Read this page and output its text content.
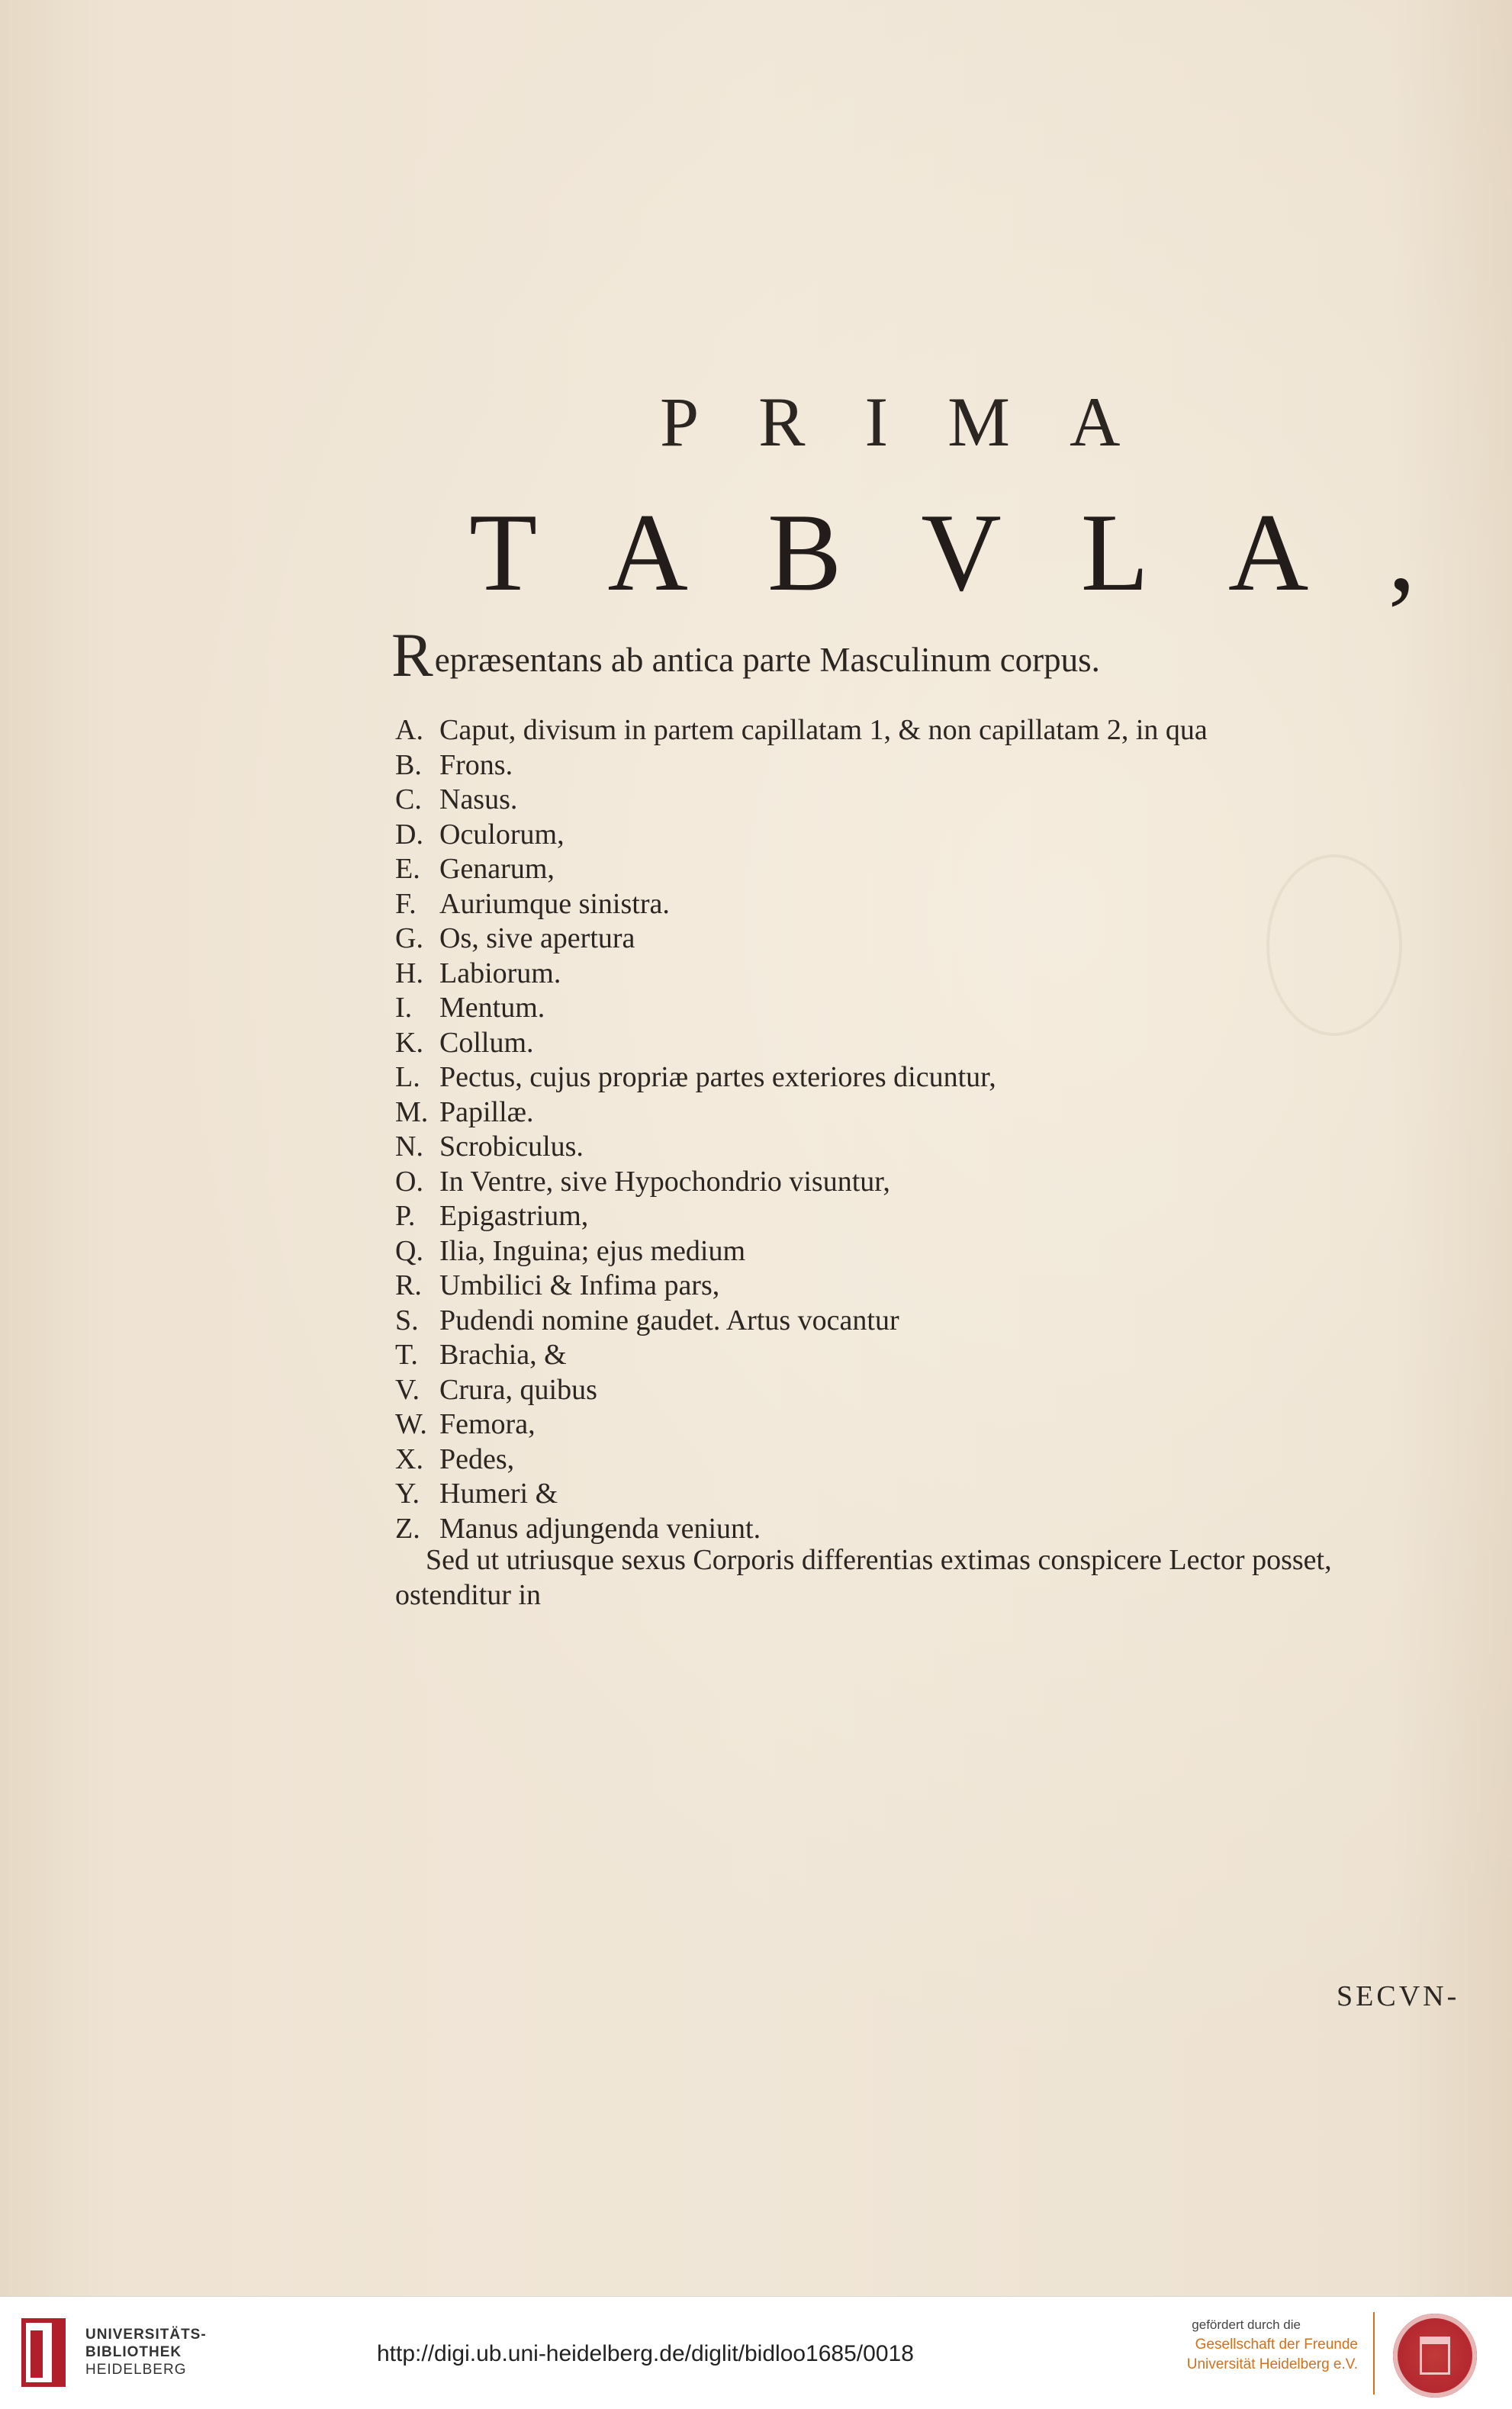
PRIMA
TABVLA,
Repræsentans ab antica parte Masculinum corpus.
A. Caput, divisum in partem capillatam 1, & non capillatam 2, in qua
B. Frons.
C. Nasus.
D. Oculorum,
E. Genarum,
F. Auriumque sinistra.
G. Os, sive apertura
H. Labiorum.
I. Mentum.
K. Collum.
L. Pectus, cujus propriæ partes exteriores dicuntur,
M. Papillæ.
N. Scrobiculus.
O. In Ventre, sive Hypochondrio visuntur,
P. Epigastrium,
Q. Ilia, Inguina; ejus medium
R. Umbilici & Infima pars,
S. Pudendi nomine gaudet. Artus vocantur
T. Brachia, &
V. Crura, quibus
W. Femora,
X. Pedes,
Y. Humeri &
Z. Manus adjungenda veniunt.
Sed ut utriusque sexus Corporis differentias extimas conspicere Lector posset,
ostenditur in
SECVN-
UNIVERSITÄTS-
BIBLIOTHEK
HEIDELBERG
http://digi.ub.uni-heidelberg.de/diglit/bidloo1685/0018
gefördert durch die
Gesellschaft der Freunde
Universität Heidelberg e.V.
